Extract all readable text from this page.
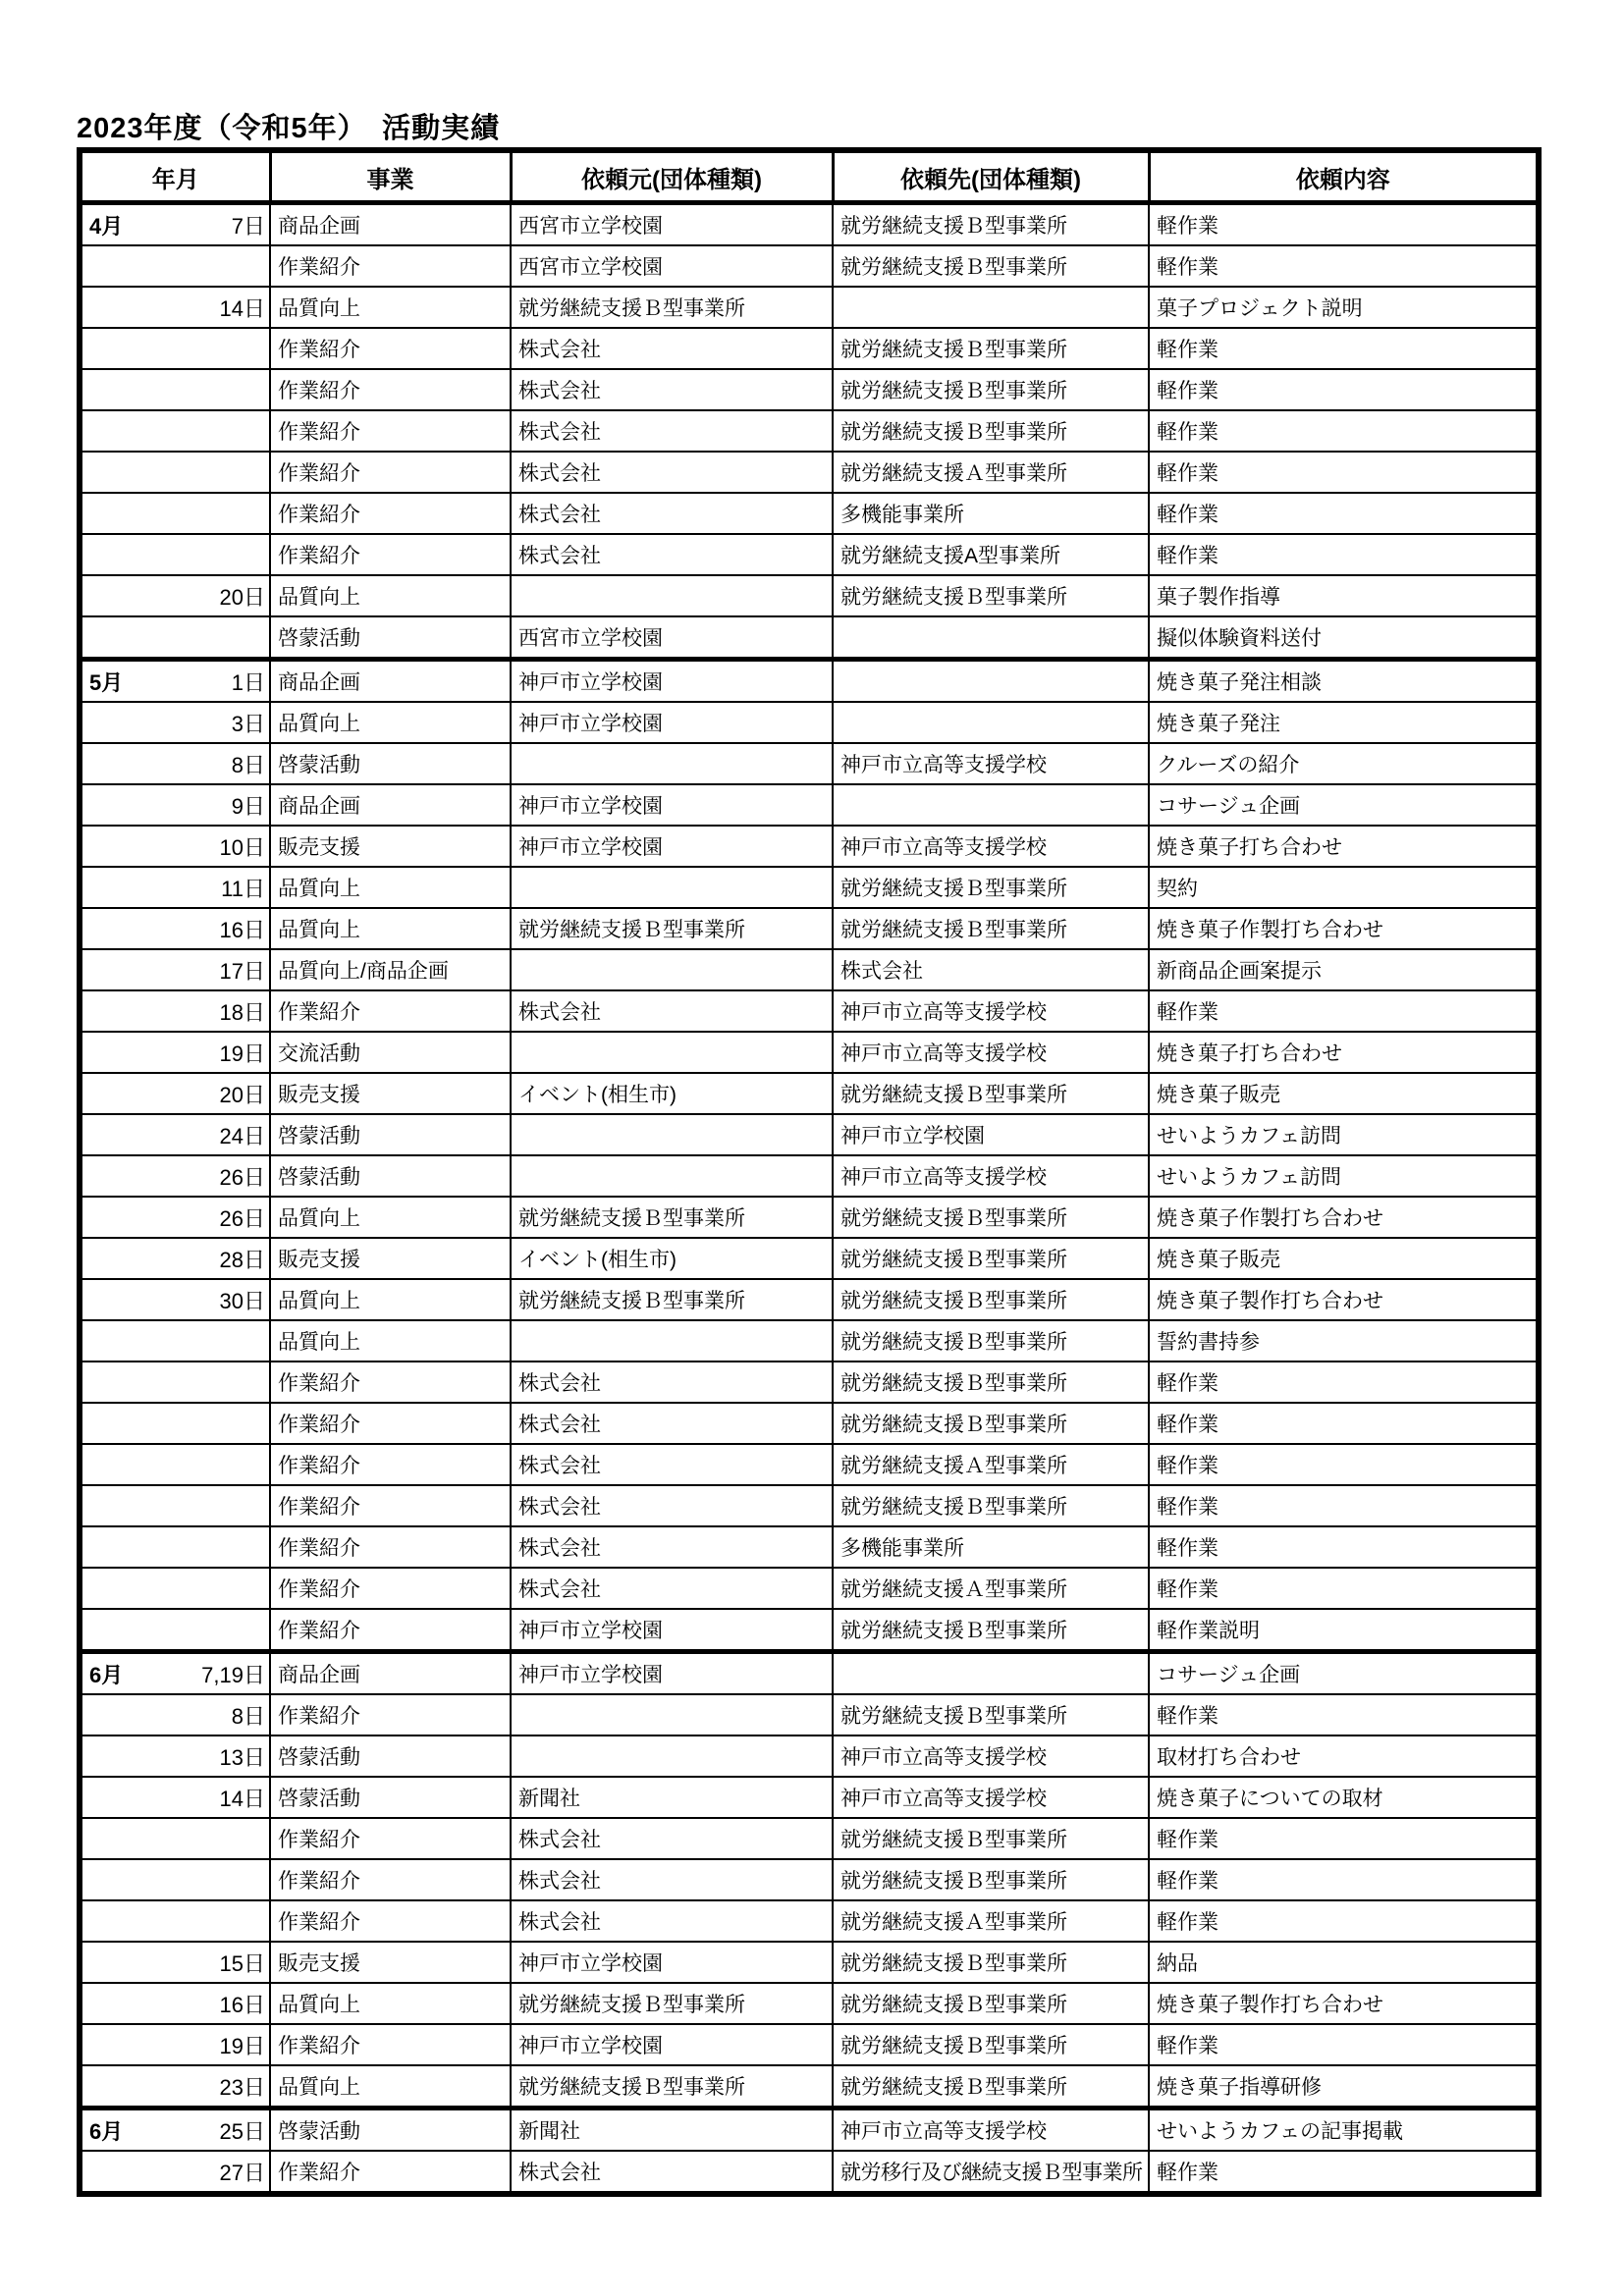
2023年度（令和5年）　活動実績
年月	事業	依頼元(団体種類)	依頼先(団体種類)	依頼内容

4月 7日	商品企画	西宮市立学校園	就労継続支援Ｂ型事業所	軽作業

	作業紹介	西宮市立学校園	就労継続支援Ｂ型事業所	軽作業

14日	品質向上	就労継続支援Ｂ型事業所		菓子プロジェクト説明

	作業紹介	株式会社	就労継続支援Ｂ型事業所	軽作業

	作業紹介	株式会社	就労継続支援Ｂ型事業所	軽作業

	作業紹介	株式会社	就労継続支援Ｂ型事業所	軽作業

	作業紹介	株式会社	就労継続支援Ａ型事業所	軽作業

	作業紹介	株式会社	多機能事業所	軽作業

	作業紹介	株式会社	就労継続支援A型事業所	軽作業

20日	品質向上		就労継続支援Ｂ型事業所	菓子製作指導

	啓蒙活動	西宮市立学校園		擬似体験資料送付

5月 1日	商品企画	神戸市立学校園		焼き菓子発注相談

3日	品質向上	神戸市立学校園		焼き菓子発注

8日	啓蒙活動		神戸市立高等支援学校	クルーズの紹介

9日	商品企画	神戸市立学校園		コサージュ企画

10日	販売支援	神戸市立学校園	神戸市立高等支援学校	焼き菓子打ち合わせ

11日	品質向上		就労継続支援Ｂ型事業所	契約

16日	品質向上	就労継続支援Ｂ型事業所	就労継続支援Ｂ型事業所	焼き菓子作製打ち合わせ

17日	品質向上/商品企画		株式会社	新商品企画案提示

18日	作業紹介	株式会社	神戸市立高等支援学校	軽作業

19日	交流活動		神戸市立高等支援学校	焼き菓子打ち合わせ

20日	販売支援	イベント(相生市)	就労継続支援Ｂ型事業所	焼き菓子販売

24日	啓蒙活動		神戸市立学校園	せいようカフェ訪問

26日	啓蒙活動		神戸市立高等支援学校	せいようカフェ訪問

26日	品質向上	就労継続支援Ｂ型事業所	就労継続支援Ｂ型事業所	焼き菓子作製打ち合わせ

28日	販売支援	イベント(相生市)	就労継続支援Ｂ型事業所	焼き菓子販売

30日	品質向上	就労継続支援Ｂ型事業所	就労継続支援Ｂ型事業所	焼き菓子製作打ち合わせ

	品質向上		就労継続支援Ｂ型事業所	誓約書持参

	作業紹介	株式会社	就労継続支援Ｂ型事業所	軽作業

	作業紹介	株式会社	就労継続支援Ｂ型事業所	軽作業

	作業紹介	株式会社	就労継続支援Ａ型事業所	軽作業

	作業紹介	株式会社	就労継続支援Ｂ型事業所	軽作業

	作業紹介	株式会社	多機能事業所	軽作業

	作業紹介	株式会社	就労継続支援Ａ型事業所	軽作業

	作業紹介	神戸市立学校園	就労継続支援Ｂ型事業所	軽作業説明

6月 7,19日	商品企画	神戸市立学校園		コサージュ企画

8日	作業紹介		就労継続支援Ｂ型事業所	軽作業

13日	啓蒙活動		神戸市立高等支援学校	取材打ち合わせ

14日	啓蒙活動	新聞社	神戸市立高等支援学校	焼き菓子についての取材

	作業紹介	株式会社	就労継続支援Ｂ型事業所	軽作業

	作業紹介	株式会社	就労継続支援Ｂ型事業所	軽作業

	作業紹介	株式会社	就労継続支援Ａ型事業所	軽作業

15日	販売支援	神戸市立学校園	就労継続支援Ｂ型事業所	納品

16日	品質向上	就労継続支援Ｂ型事業所	就労継続支援Ｂ型事業所	焼き菓子製作打ち合わせ

19日	作業紹介	神戸市立学校園	就労継続支援Ｂ型事業所	軽作業

23日	品質向上	就労継続支援Ｂ型事業所	就労継続支援Ｂ型事業所	焼き菓子指導研修

6月 25日	啓蒙活動	新聞社	神戸市立高等支援学校	せいようカフェの記事掲載

27日	作業紹介	株式会社	就労移行及び継続支援Ｂ型事業所	軽作業
